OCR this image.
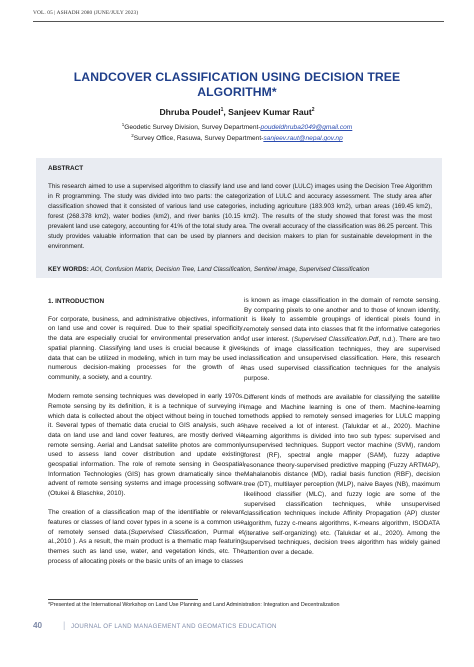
VOL. 05 | ASHADH 2080 (JUNE/JULY 2023)
LANDCOVER CLASSIFICATION USING DECISION TREE
ALGORITHM*
Dhruba Poudel$^1$, Sanjeev Kumar Raut$^2$
$^1$Geodetic Survey Division, Survey Department-poudeldhruba2049@gmail.com
$^2$Survey Office, Rasuwa, Survey Department-sanjeev.raut@nepal.gov.np
ABSTRACT
This research aimed to use a supervised algorithm to classify land use and land cover (LULC) images using the Decision Tree Algorithm in R programming. The study was divided into two parts: the categorization of LULC and accuracy assessment. The study area after classification showed that it consisted of various land use categories, including agriculture (183.903 km2), urban areas (169.45 km2), forest (268.378 km2), water bodies (km2), and river banks (10.15 km2). The results of the study showed that forest was the most prevalent land use category, accounting for 41% of the total study area. The overall accuracy of the classification was 86.25 percent. This study provides valuable information that can be used by planners and decision makers to plan for sustainable development in the environment.
KEY WORDS: AOI, Confusion Matrix, Decision Tree, Land Classification, Sentinel image, Supervised Classification
1. INTRODUCTION

For corporate, business, and administrative objectives, information on land use and cover is required. Due to their spatial specificity, the data are especially crucial for environmental preservation and spatial planning. Classifying land uses is crucial because it gives data that can be utilized in modeling, which in turn may be used in numerous decision-making processes for the growth of a community, a society, and a country.

Modern remote sensing techniques was developed in early 1970s. Remote sensing by its definition, it is a technique of surveying in which data is collected about the object without being in touched to it. Several types of thematic data crucial to GIS analysis, such as data on land use and land cover features, are mostly derived via remote sensing. Aerial and Landsat satellite photos are commonly used to assess land cover distribution and update existing geospatial information. The role of remote sensing in Geospatial Information Technologies (GIS) has grown dramatically since the advent of remote sensing systems and image processing software.(Otukei & Blaschke, 2010).

The creation of a classification map of the identifiable or relevant features or classes of land cover types in a scene is a common use of remotely sensed data.(Supervised Classification, Purmal et al.,2010 ). As a result, the main product is a thematic map featuring themes such as land use, water, and vegetation kinds, etc. The process of allocating pixels or the basic units of an image to classes

is known as image classification in the domain of remote sensing. By comparing pixels to one another and to those of known identity, it is likely to assemble groupings of identical pixels found in remotely sensed data into classes that fit the informative categories of user interest. (Supervised Classification.Pdf, n.d.). There are two kinds of image classification techniques, they are supervised classification and unsupervised classification. Here, this research has used supervised classification techniques for the analysis purpose.

Different kinds of methods are available for classifying the satellite image and Machine learning is one of them. Machine-learning methods applied to remotely sensed imageries for LULC mapping have received a lot of interest. (Talukdar et al., 2020). Machine learning algorithms is divided into two sub types: supervised and unsupervised techniques. Support vector machine (SVM), random forest (RF), spectral angle mapper (SAM), fuzzy adaptive resonance theory-supervised predictive mapping (Fuzzy ARTMAP), Mahalanobis distance (MD), radial basis function (RBF), decision tree (DT), multilayer perception (MLP), naive Bayes (NB), maximum likelihood classifier (MLC), and fuzzy logic are some of the supervised classification techniques, while unsupervised classification techniques include Affinity Propagation (AP) cluster algorithm, fuzzy c-means algorithms, K-means algorithm, ISODATA (iterative self-organizing) etc. (Talukdar et al., 2020). Among the supervised techniques, decision trees algorithm has widely gained attention over a decade.

*Presented at the International Workshop on Land Use Planning and Land Administration: Integration and Decentralization
40 | JOURNAL OF LAND MANAGEMENT AND GEOMATICS EDUCATION
